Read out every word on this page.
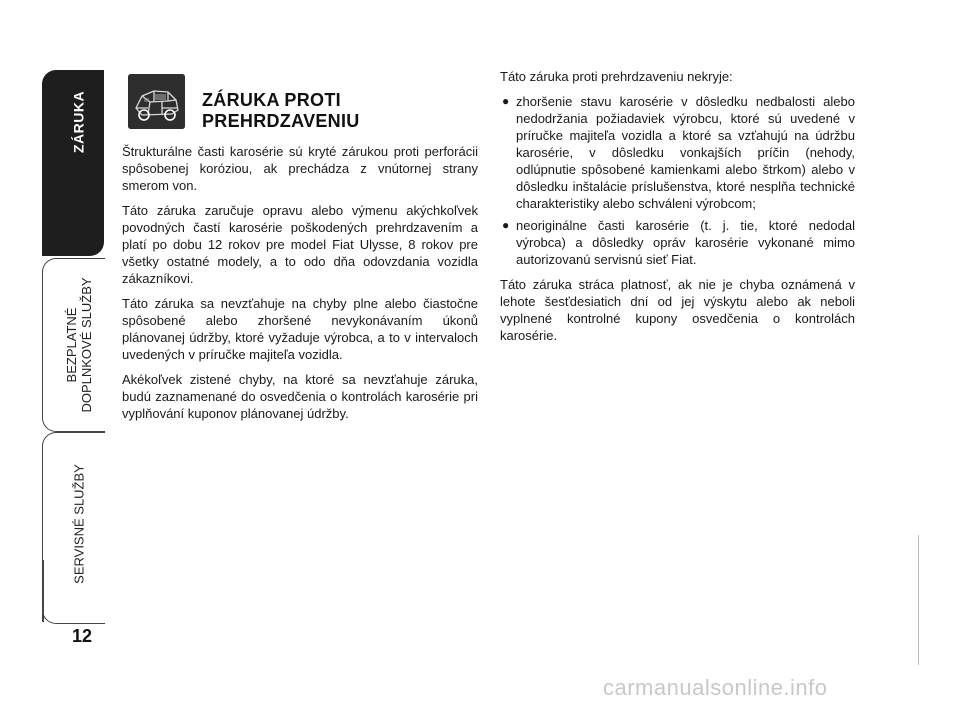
ZÁRUKA
BEZPLATNÉ
DOPLNKOVÉ SLUŽBY
SERVISNÉ SLUŽBY
12
ZÁRUKA PROTI
PREHRDZAVENIU

Štrukturálne časti karosérie sú kryté zárukou proti perforácii spôsobenej koróziou, ak prechádza z vnútornej strany smerom von.

Táto záruka zaručuje opravu alebo výmenu akýchkoľvek povodných častí karosérie poškodených prehrdzavením a platí po dobu 12 rokov pre model Fiat Ulysse, 8 rokov pre všetky ostatné modely, a to odo dňa odovzdania vozidla zákazníkovi.

Táto záruka sa nevzťahuje na chyby plne alebo čiastočne spôsobené alebo zhoršené nevykonávaním úkonů plánovanej údržby, ktoré vyžaduje výrobca, a to v intervaloch uvedených v príručke majiteľa vozidla.

Akékoľvek zistené chyby, na ktoré sa nevzťahuje záruka, budú zaznamenané do osvedčenia o kontrolách karosérie pri vyplňování kuponov plánovanej údržby.

Táto záruka proti prehrdzaveniu nekryje:

● zhoršenie stavu karosérie v dôsledku nedbalosti alebo nedodržania požiadaviek výrobcu, ktoré sú uvedené v príručke majiteľa vozidla a ktoré sa vzťahujú na údržbu karosérie, v dôsledku vonkajších príčin (nehody, odlúpnutie spôsobené kamienkami alebo štrkom) alebo v dôsledku inštalácie príslušenstva, ktoré nesplňa technické charakteristiky alebo schváleni výrobcom;
● neoriginálne časti karosérie (t. j. tie, ktoré nedodal výrobca) a dôsledky opráv karosérie vykonané mimo autorizovanú servisnú sieť Fiat.

Táto záruka stráca platnosť, ak nie je chyba oznámená v lehote šesťdesiatich dní od jej výskytu alebo ak neboli vyplnené kontrolné kupony osvedčenia o kontrolách karosérie.

carmanualsonline.info
